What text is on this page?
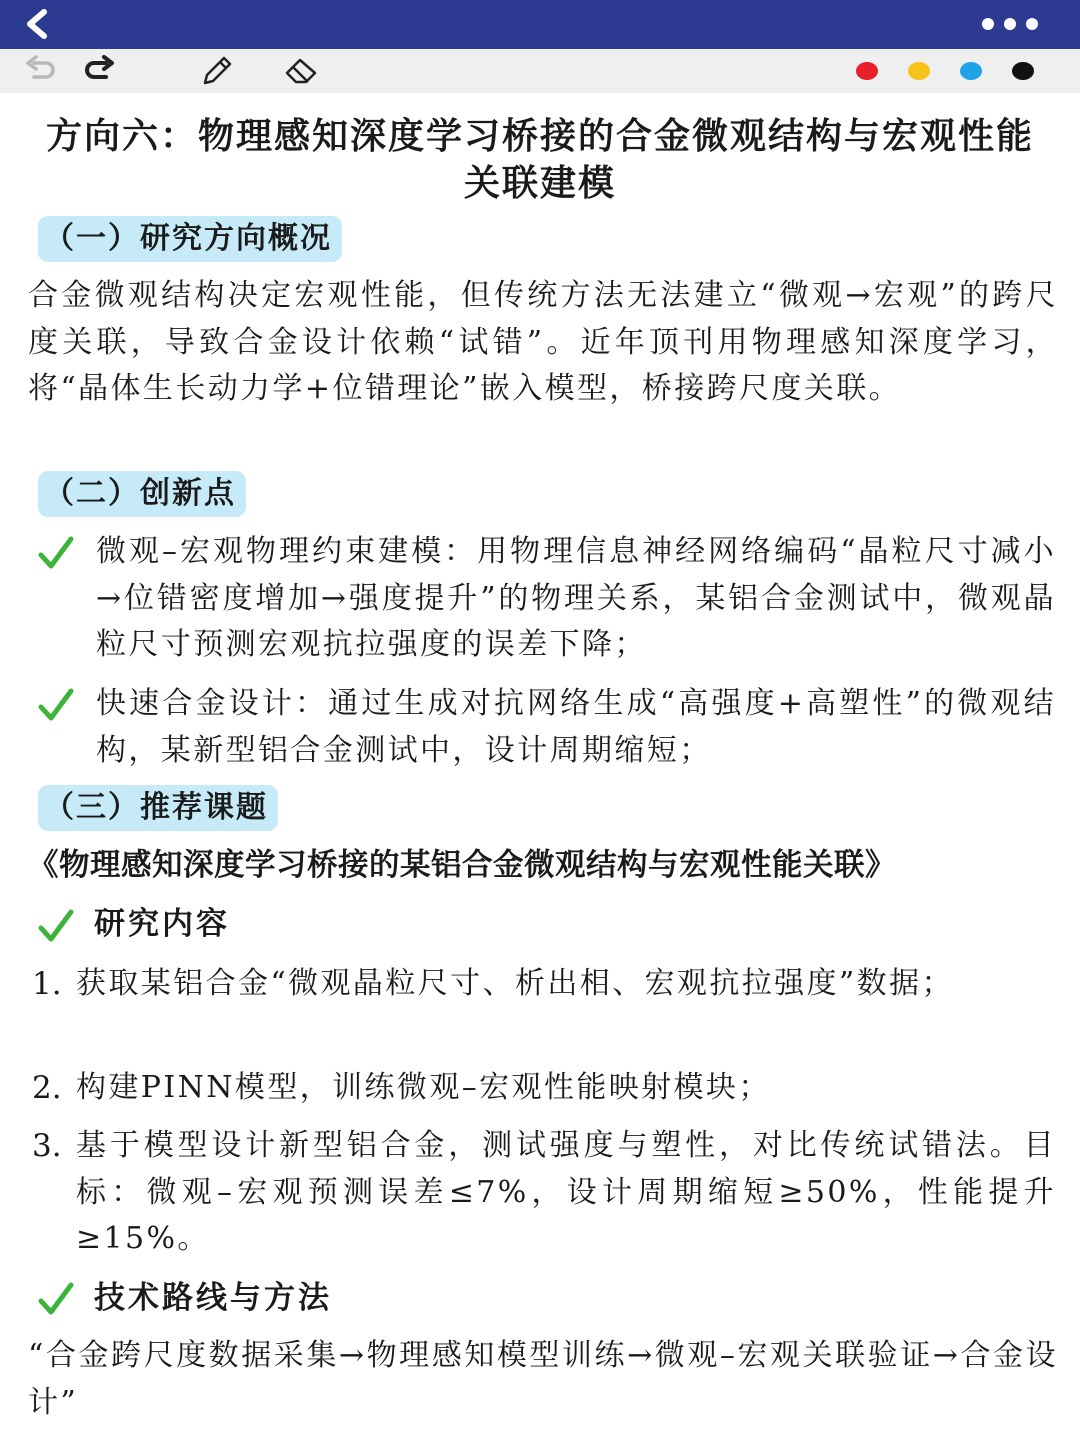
方向六：物理感知深度学习桥接的合金微观结构与宏观性能关联建模
（一）研究方向概况
合金微观结构决定宏观性能，但传统方法无法建立“微观→宏观”的跨尺度关联，导致合金设计依赖“试错”。近年顶刊用物理感知深度学习，将“晶体生长动力学+位错理论”嵌入模型，桥接跨尺度关联。
（二）创新点
微观–宏观物理约束建模：用物理信息神经网络编码“晶粒尺寸减小→位错密度增加→强度提升”的物理关系，某铝合金测试中，微观晶粒尺寸预测宏观抗拉强度的误差下降；
快速合金设计：通过生成对抗网络生成“高强度+高塑性”的微观结构，某新型铝合金测试中，设计周期缩短；
（三）推荐课题
《物理感知深度学习桥接的某铝合金微观结构与宏观性能关联》
研究内容
1. 获取某铝合金“微观晶粒尺寸、析出相、宏观抗拉强度”数据；
2. 构建PINN模型，训练微观–宏观性能映射模块；
3. 基于模型设计新型铝合金，测试强度与塑性，对比传统试错法。目标：微观–宏观预测误差≤7%，设计周期缩短≥50%，性能提升≥15%。
技术路线与方法
“合金跨尺度数据采集→物理感知模型训练→微观–宏观关联验证→合金设计”
